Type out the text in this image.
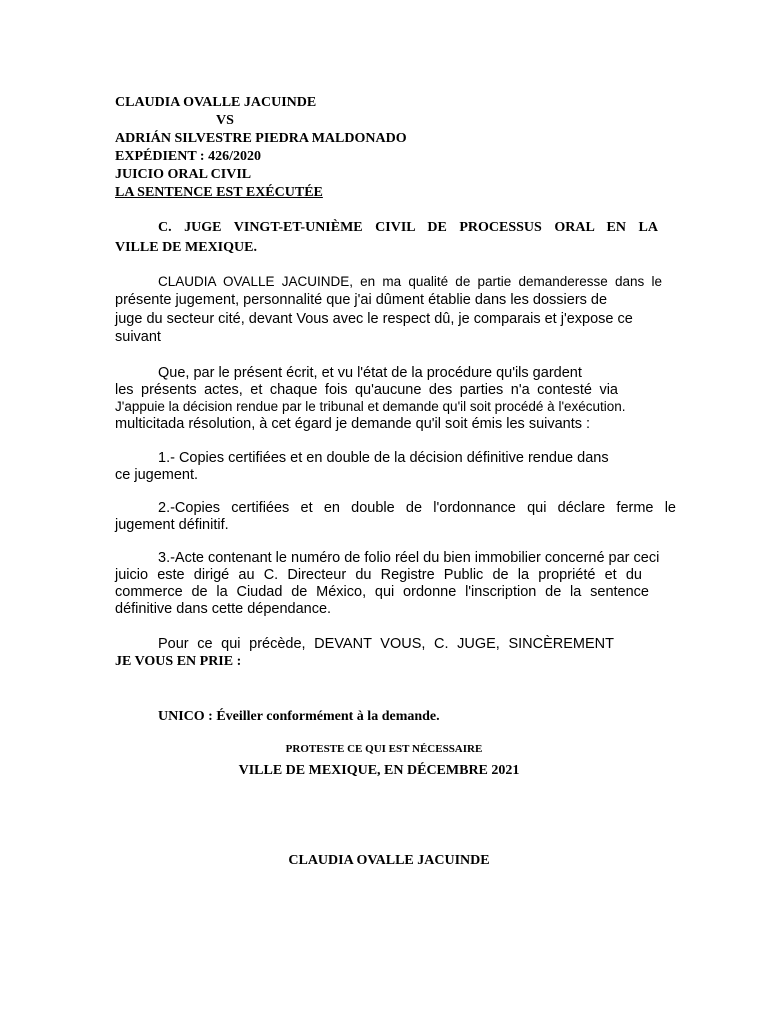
CLAUDIA OVALLE JACUINDE
VS
ADRIÁN SILVESTRE PIEDRA MALDONADO
EXPÉDIENT : 426/2020
JUICIO ORAL CIVIL
LA SENTENCE EST EXÉCUTÉE
C. JUGE VINGT-ET-UNIÈME CIVIL DE PROCESSUS ORAL EN LA
VILLE DE MEXIQUE.
CLAUDIA OVALLE JACUINDE, en ma qualité de partie demanderesse dans le
présente jugement, personnalité que j'ai dûment établie dans les dossiers de
juge du secteur cité, devant Vous avec le respect dû, je comparais et j'expose ce
suivant
Que, par le présent écrit, et vu l'état de la procédure qu'ils gardent
les présents actes, et chaque fois qu'aucune des parties n'a contesté via
J'appuie la décision rendue par le tribunal et demande qu'il soit procédé à l'exécution.
multicitada résolution, à cet égard je demande qu'il soit émis les suivants :
1.- Copies certifiées et en double de la décision définitive rendue dans
ce jugement.
2.-Copies certifiées et en double de l'ordonnance qui déclare ferme le
jugement définitif.
3.-Acte contenant le numéro de folio réel du bien immobilier concerné par ceci
juicio este dirigé au C. Directeur du Registre Public de la propriété et du
commerce de la Ciudad de México, qui ordonne l'inscription de la sentence
définitive dans cette dépendance.
Pour ce qui précède, DEVANT VOUS, C. JUGE, SINCÈREMENT
JE VOUS EN PRIE :
UNICO : Éveiller conformément à la demande.
PROTESTE CE QUI EST NÉCESSAIRE
VILLE DE MEXIQUE, EN DÉCEMBRE 2021
CLAUDIA OVALLE JACUINDE
